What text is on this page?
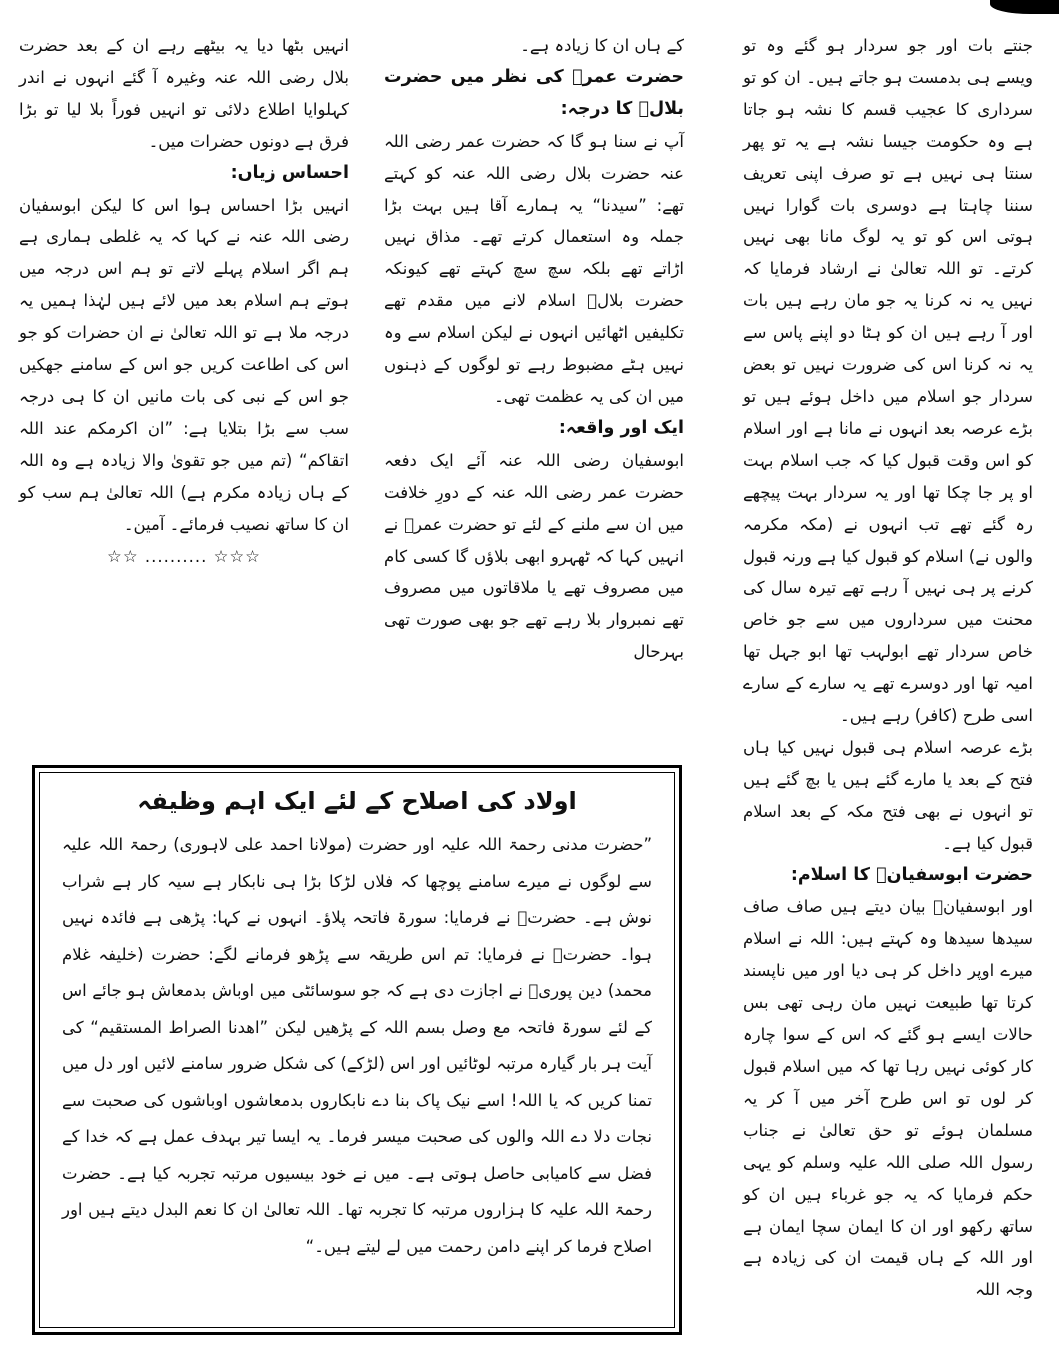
جنتے بات اور جو سردار ہو گئے وہ تو ویسے ہی بدمست ہو جاتے ہیں۔ ان کو تو سرداری کا عجیب قسم کا نشہ ہو جاتا ہے وہ حکومت جیسا نشہ ہے یہ تو پھر سنتا ہی نہیں ہے تو صرف اپنی تعریف سننا چاہتا ہے دوسری بات گوارا نہیں ہوتی اس کو تو یہ لوگ مانا بھی نہیں کرتے۔ تو اللہ تعالیٰ نے ارشاد فرمایا کہ نہیں یہ نہ کرنا یہ جو مان رہے ہیں بات اور آ رہے ہیں ان کو ہٹا دو اپنے پاس سے یہ نہ کرنا اس کی ضرورت نہیں تو بعض سردار جو اسلام میں داخل ہوئے ہیں تو بڑے عرصہ بعد انہوں نے مانا ہے اور اسلام کو اس وقت قبول کیا کہ جب اسلام بہت او پر جا چکا تھا اور یہ سردار بہت پیچھے رہ گئے تھے تب انہوں نے (مکہ مکرمہ والوں نے) اسلام کو قبول کیا ہے ورنہ قبول کرنے پر ہی نہیں آ رہے تھے تیرہ سال کی محنت میں سرداروں میں سے جو خاص خاص سردار تھے ابولہب تھا ابو جہل تھا امیہ تھا اور دوسرے تھے یہ سارے کے سارے اسی طرح (کافر) رہے ہیں۔

بڑے عرصہ اسلام ہی قبول نہیں کیا ہاں فتح کے بعد یا مارے گئے ہیں یا بچ گئے ہیں تو انہوں نے بھی فتح مکہ کے بعد اسلام قبول کیا ہے۔

حضرت ابوسفیانؓ کا اسلام:

اور ابوسفیانؓ بیان دیتے ہیں صاف صاف سیدھا سیدھا وہ کہتے ہیں: اللہ نے اسلام میرے اوپر داخل کر ہی دیا اور میں ناپسند کرتا تھا طبیعت نہیں مان رہی تھی بس حالات ایسے ہو گئے کہ اس کے سوا چارہ کار کوئی نہیں رہا تھا کہ میں اسلام قبول کر لوں تو اس طرح آخر میں آ کر یہ مسلمان ہوئے تو حق تعالیٰ نے جناب رسول اللہ صلی اللہ علیہ وسلم کو یہی حکم فرمایا کہ یہ جو غرباء ہیں ان کو ساتھ رکھو اور ان کا ایمان سچا ایمان ہے اور اللہ کے ہاں قیمت ان کی زیادہ ہے وجہ اللہ

کے ہاں ان کا زیادہ ہے۔

حضرت عمرؓ کی نظر میں حضرت بلالؓ کا درجہ:

آپ نے سنا ہو گا کہ حضرت عمر رضی اللہ عنہ حضرت بلال رضی اللہ عنہ کو کہتے تھے: ”سیدنا“ یہ ہمارے آقا ہیں بہت بڑا جملہ وہ استعمال کرتے تھے۔ مذاق نہیں اڑاتے تھے بلکہ سچ سچ کہتے تھے کیونکہ حضرت بلالؓ اسلام لانے میں مقدم تھے تکلیفیں اٹھائیں انہوں نے لیکن اسلام سے وہ نہیں ہٹے مضبوط رہے تو لوگوں کے ذہنوں میں ان کی یہ عظمت تھی۔

ایک اور واقعہ:

ابوسفیان رضی اللہ عنہ آئے ایک دفعہ حضرت عمر رضی اللہ عنہ کے دورِ خلافت میں ان سے ملنے کے لئے تو حضرت عمرؓ نے انہیں کہا کہ ٹھہرو ابھی بلاؤں گا کسی کام میں مصروف تھے یا ملاقاتوں میں مصروف تھے نمبروار بلا رہے تھے جو بھی صورت تھی بہرحال

انہیں بٹھا دیا یہ بیٹھے رہے ان کے بعد حضرت بلال رضی اللہ عنہ وغیرہ آ گئے انہوں نے اندر کہلوایا اطلاع دلائی تو انہیں فوراً بلا لیا تو بڑا فرق ہے دونوں حضرات میں۔

احساس زیاں:

انہیں بڑا احساس ہوا اس کا لیکن ابوسفیان رضی اللہ عنہ نے کہا کہ یہ غلطی ہماری ہے ہم اگر اسلام پہلے لاتے تو ہم اس درجہ میں ہوتے ہم اسلام بعد میں لائے ہیں لہٰذا ہمیں یہ درجہ ملا ہے تو اللہ تعالیٰ نے ان حضرات کو جو اس کی اطاعت کریں جو اس کے سامنے جھکیں جو اس کے نبی کی بات مانیں ان کا ہی درجہ سب سے بڑا بتلایا ہے: ”ان اکرمکم عند اللہ اتقاکم“ (تم میں جو تقویٰ والا زیادہ ہے وہ اللہ کے ہاں زیادہ مکرم ہے) اللہ تعالیٰ ہم سب کو ان کا ساتھ نصیب فرمائے۔ آمین۔

☆☆ .......... ☆☆☆

اولاد کی اصلاح کے لئے ایک اہم وظیفہ

”حضرت مدنی رحمۃ اللہ علیہ اور حضرت (مولانا احمد علی لاہوری) رحمۃ اللہ علیہ سے لوگوں نے میرے سامنے پوچھا کہ فلاں لڑکا بڑا ہی نابکار ہے سیہ کار ہے شراب نوش ہے۔ حضرتؒ نے فرمایا: سورۃ فاتحہ پلاؤ۔ انہوں نے کہا: پڑھی ہے فائدہ نہیں ہوا۔ حضرتؒ نے فرمایا: تم اس طریقہ سے پڑھو فرمانے لگے: حضرت (خلیفہ غلام محمد) دین پوریؒ نے اجازت دی ہے کہ جو سوسائٹی میں اوباش بدمعاش ہو جائے اس کے لئے سورۃ فاتحہ مع وصل بسم اللہ کے پڑھیں لیکن ”اھدنا الصراط المستقیم“ کی آیت ہر بار گیارہ مرتبہ لوٹائیں اور اس (لڑکے) کی شکل ضرور سامنے لائیں اور دل میں تمنا کریں کہ یا اللہ! اسے نیک پاک بنا دے نابکاروں بدمعاشوں اوباشوں کی صحبت سے نجات دلا دے اللہ والوں کی صحبت میسر فرما۔ یہ ایسا تیر بہدف عمل ہے کہ خدا کے فضل سے کامیابی حاصل ہوتی ہے۔ میں نے خود بیسیوں مرتبہ تجربہ کیا ہے۔ حضرت رحمۃ اللہ علیہ کا ہزاروں مرتبہ کا تجربہ تھا۔ اللہ تعالیٰ ان کا نعم البدل دیتے ہیں اور اصلاح فرما کر اپنے دامن رحمت میں لے لیتے ہیں۔“
